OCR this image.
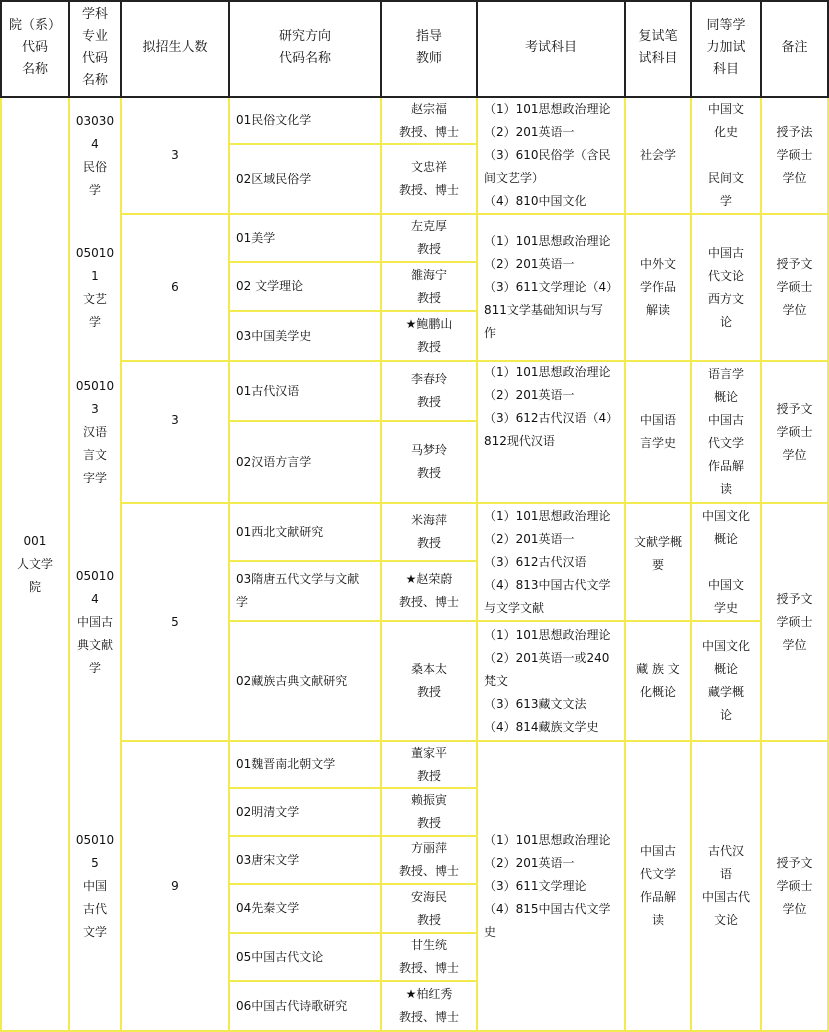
院（系）
代码
名称
学科
专业
代码
名称
拟招生人数
研究方向
代码名称
指导
教师
考试科目
复试笔
试科目
同等学
力加试
科目
备注
001
人文学
院
03030
4
民俗
学
05010
1
文艺
学
05010
3
汉语
言文
字学
05010
4
中国古
典文献
学
05010
5
中国
古代
文学
3
6
3
5
9
01民俗文化学
赵宗福
教授、博士
02区域民俗学
文忠祥
教授、博士
01美学
左克厚
教授
02 文学理论
雒海宁
教授
03中国美学史
★鲍鹏山
教授
01古代汉语
李春玲
教授
02汉语方言学
马梦玲
教授
01西北文献研究
米海萍
教授
03隋唐五代文学与文献
学
★赵荣蔚
教授、博士
02藏族古典文献研究
桑本太
教授
01魏晋南北朝文学
董家平
教授
02明清文学
赖振寅
教授
03唐宋文学
方丽萍
教授、博士
04先秦文学
安海民
教授
05中国古代文论
甘生统
教授、博士
06中国古代诗歌研究
★柏红秀
教授、博士
（1）101思想政治理论
（2）201英语一
（3）610民俗学（含民
间文艺学）
（4）810中国文化
（1）101思想政治理论
（2）201英语一
（3）611文学理论（4）
811文学基础知识与写
作
（1）101思想政治理论
（2）201英语一
（3）612古代汉语（4）
812现代汉语
（1）101思想政治理论
（2）201英语一
（3）612古代汉语
（4）813中国古代文学
与文学文献
（1）101思想政治理论
（2）201英语一或240
梵文
（3）613藏文文法
（4）814藏族文学史
（1）101思想政治理论
（2）201英语一
（3）611文学理论
（4）815中国古代文学
史
社会学
中外文
学作品
解读
中国语
言学史
文献学概
要
藏 族 文
化概论
中国古
代文学
作品解
读
中国文
化史

民间文
学
中国古
代文论
西方文
论
语言学
概论
中国古
代文学
作品解
读
中国文化
概论

中国文
学史
中国文化
概论
藏学概
论
古代汉
语
中国古代
文论
授予法
学硕士
学位
授予文
学硕士
学位
授予文
学硕士
学位
授予文
学硕士
学位
授予文
学硕士
学位
